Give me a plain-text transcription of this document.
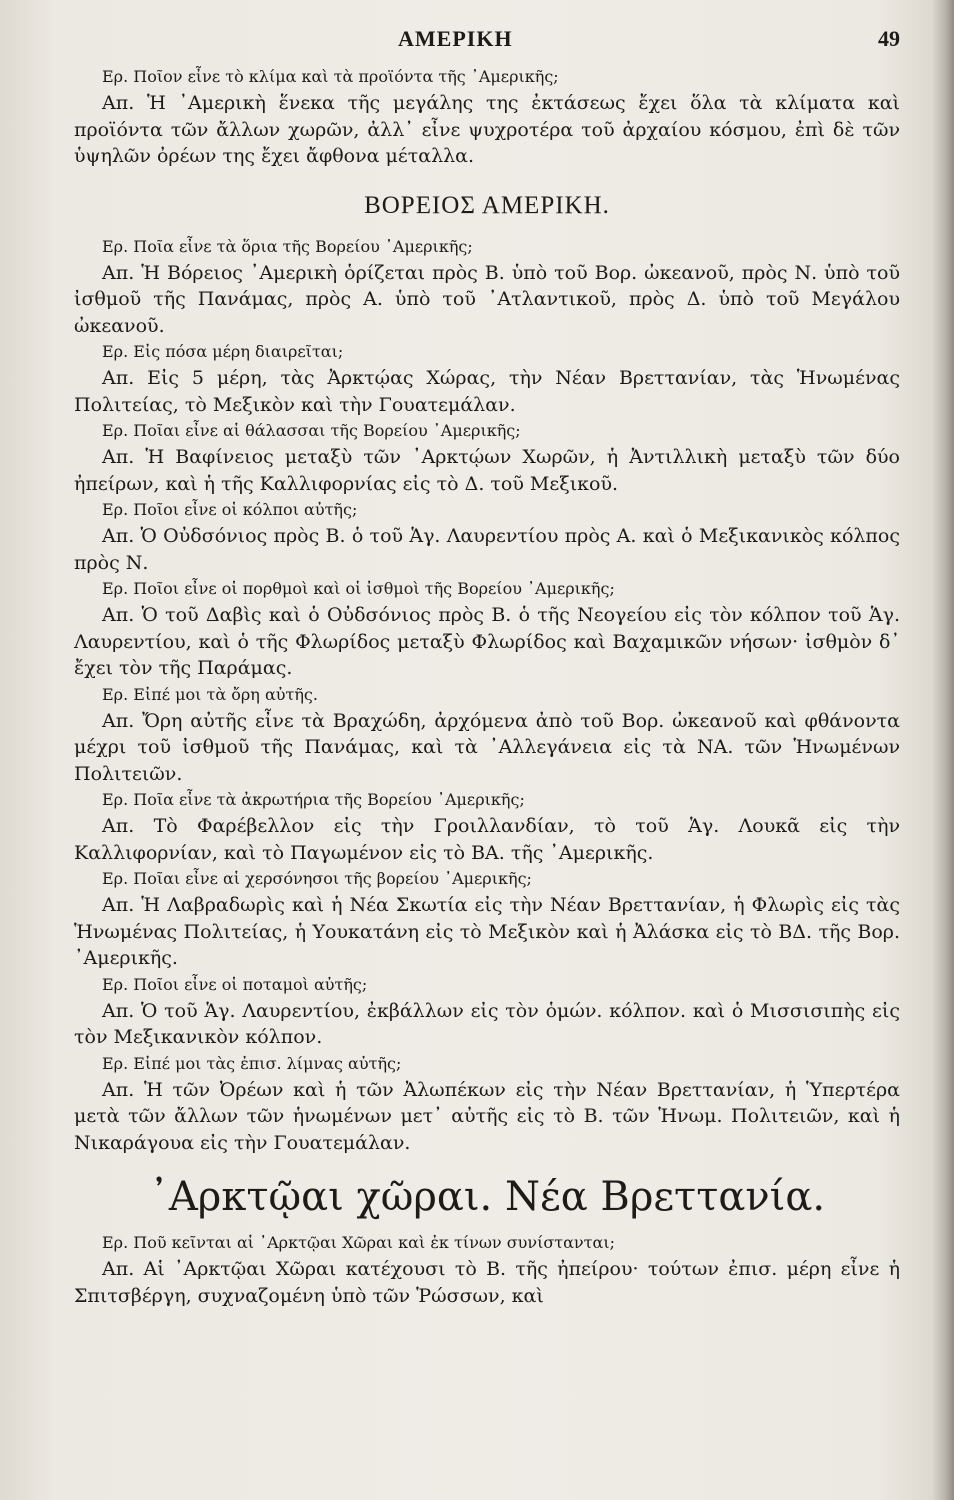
ΑΜΕΡΙΚΗ	49

Ερ. Ποῖον εἶνε τὸ κλίμα καὶ τὰ προϊόντα τῆς ᾽Αμερικῆς;

Απ. Ἡ ᾽Αμερικὴ ἕνεκα τῆς μεγάλης της ἐκτάσεως ἔχει ὅλα τὰ κλίματα καὶ προϊόντα τῶν ἄλλων χωρῶν, ἀλλ᾽ εἶνε ψυχροτέρα τοῦ ἀρχαίου κόσμου, ἐπὶ δὲ τῶν ὑψηλῶν ὀρέων της ἔχει ἄφθονα μέταλλα.

ΒΟΡΕΙΟΣ ΑΜΕΡΙΚΗ.

Ερ. Ποῖα εἶνε τὰ ὅρια τῆς Βορείου ᾽Αμερικῆς;

Απ. Ἡ Βόρειος ᾽Αμερικὴ ὁρίζεται πρὸς Β. ὑπὸ τοῦ Βορ. ὠκεανοῦ, πρὸς Ν. ὑπὸ τοῦ ἰσθμοῦ τῆς Πανάμας, πρὸς Α. ὑπὸ τοῦ ᾽Ατλαντικοῦ, πρὸς Δ. ὑπὸ τοῦ Μεγάλου ὠκεανοῦ.

Ερ. Εἰς πόσα μέρη διαιρεῖται;

Απ. Εἰς 5 μέρη, τὰς Ἀρκτῴας Χώρας, τὴν Νέαν Βρεττανίαν, τὰς Ἡνωμένας Πολιτείας, τὸ Μεξικὸν καὶ τὴν Γουατεμάλαν.

Ερ. Ποῖαι εἶνε αἱ θάλασσαι τῆς Βορείου ᾽Αμερικῆς;

Απ. Ἡ Βαφίνειος μεταξὺ τῶν ᾽Αρκτῴων Χωρῶν, ἡ Ἀντιλλικὴ μεταξὺ τῶν δύο ἠπείρων, καὶ ἡ τῆς Καλλιφορνίας εἰς τὸ Δ. τοῦ Μεξικοῦ.

Ερ. Ποῖοι εἶνε οἱ κόλποι αὐτῆς;

Απ. Ὁ Οὐδσόνιος πρὸς Β. ὁ τοῦ Ἁγ. Λαυρεντίου πρὸς Α. καὶ ὁ Μεξικανικὸς κόλπος πρὸς Ν.

Ερ. Ποῖοι εἶνε οἱ πορθμοὶ καὶ οἱ ἰσθμοὶ τῆς Βορείου ᾽Αμερικῆς;

Απ. Ὁ τοῦ Δαβὶς καὶ ὁ Οὐδσόνιος πρὸς Β. ὁ τῆς Νεογείου εἰς τὸν κόλπον τοῦ Ἁγ. Λαυρεντίου, καὶ ὁ τῆς Φλωρίδος μεταξὺ Φλωρίδος καὶ Βαχαμικῶν νήσων· ἰσθμὸν δ᾽ ἔχει τὸν τῆς Παράμας.

Ερ. Εἰπέ μοι τὰ ὄρη αὐτῆς.

Απ. Ὄρη αὐτῆς εἶνε τὰ Βραχώδη, ἀρχόμενα ἀπὸ τοῦ Βορ. ὠκεανοῦ καὶ φθάνοντα μέχρι τοῦ ἰσθμοῦ τῆς Πανάμας, καὶ τὰ ᾽Αλλεγάνεια εἰς τὰ ΝΑ. τῶν Ἡνωμένων Πολιτειῶν.

Ερ. Ποῖα εἶνε τὰ ἀκρωτήρια τῆς Βορείου ᾽Αμερικῆς;

Απ. Τὸ Φαρέβελλον εἰς τὴν Γροιλλανδίαν, τὸ τοῦ Ἁγ. Λουκᾶ εἰς τὴν Καλλιφορνίαν, καὶ τὸ Παγωμένον εἰς τὸ ΒΑ. τῆς ᾽Αμερικῆς.

Ερ. Ποῖαι εἶνε αἱ χερσόνησοι τῆς βορείου ᾽Αμερικῆς;

Απ. Ἡ Λαβραδωρὶς καὶ ἡ Νέα Σκωτία εἰς τὴν Νέαν Βρεττανίαν, ἡ Φλωρὶς εἰς τὰς Ἡνωμένας Πολιτείας, ἡ Υουκατάνη εἰς τὸ Μεξικὸν καὶ ἡ Ἀλάσκα εἰς τὸ ΒΔ. τῆς Βορ. ᾽Αμερικῆς.

Ερ. Ποῖοι εἶνε οἱ ποταμοὶ αὐτῆς;

Απ. Ὁ τοῦ Ἁγ. Λαυρεντίου, ἐκβάλλων εἰς τὸν ὁμών. κόλπον. καὶ ὁ Μισσισιπὴς εἰς τὸν Μεξικανικὸν κόλπον.

Ερ. Εἰπέ μοι τὰς ἐπισ. λίμνας αὐτῆς;

Απ. Ἡ τῶν Ὀρέων καὶ ἡ τῶν Ἀλωπέκων εἰς τὴν Νέαν Βρεττανίαν, ἡ Ὑπερτέρα μετὰ τῶν ἄλλων τῶν ἡνωμένων μετ᾽ αὐτῆς εἰς τὸ Β. τῶν Ἡνωμ. Πολιτειῶν, καὶ ἡ Νικαράγουα εἰς τὴν Γουατεμάλαν.

᾽Αρκτῷαι χῶραι. Νέα Βρεττανία.

Ερ. Ποῦ κεῖνται αἱ ᾽Αρκτῷαι Χῶραι καὶ ἐκ τίνων συνίστανται;

Απ. Αἱ ᾽Αρκτῷαι Χῶραι κατέχουσι τὸ Β. τῆς ἠπείρου· τούτων ἐπισ. μέρη εἶνε ἡ Σπιτσβέργη, συχναζομένη ὑπὸ τῶν Ῥώσσων, καὶ
